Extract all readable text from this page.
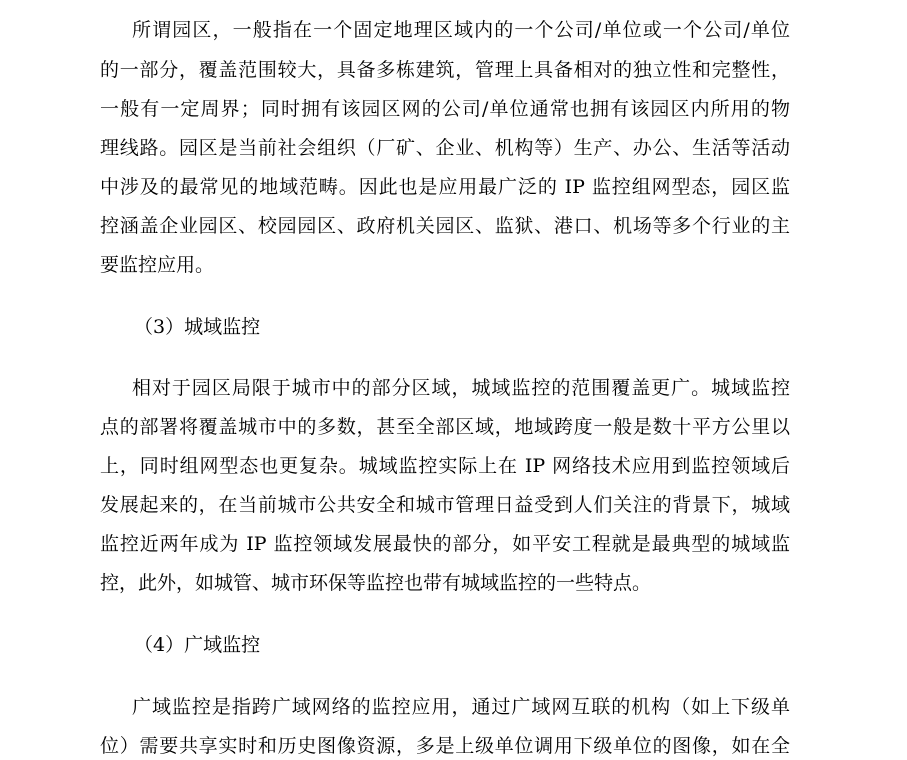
所谓园区，一般指在一个固定地理区域内的一个公司/单位或一个公司/单位
的一部分，覆盖范围较大，具备多栋建筑，管理上具备相对的独立性和完整性，
一般有一定周界；同时拥有该园区网的公司/单位通常也拥有该园区内所用的物
理线路。园区是当前社会组织（厂矿、企业、机构等）生产、办公、生活等活动
中涉及的最常见的地域范畴。因此也是应用最广泛的 IP 监控组网型态，园区监
控涵盖企业园区、校园园区、政府机关园区、监狱、港口、机场等多个行业的主
要监控应用。
（3）城域监控
相对于园区局限于城市中的部分区域，城域监控的范围覆盖更广。城域监控
点的部署将覆盖城市中的多数，甚至全部区域，地域跨度一般是数十平方公里以
上，同时组网型态也更复杂。城域监控实际上在 IP 网络技术应用到监控领域后
发展起来的，在当前城市公共安全和城市管理日益受到人们关注的背景下，城域
监控近两年成为 IP 监控领域发展最快的部分，如平安工程就是最典型的城域监
控，此外，如城管、城市环保等监控也带有城域监控的一些特点。
（4）广域监控
广域监控是指跨广域网络的监控应用，通过广域网互联的机构（如上下级单
位）需要共享实时和历史图像资源，多是上级单位调用下级单位的图像，如在全
